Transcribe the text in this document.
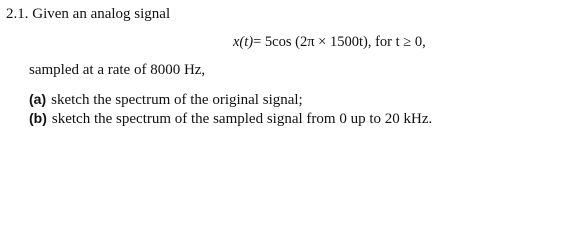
2.1. Given an analog signal
x(t)= 5cos (2π × 1500t), for t ≥ 0,
sampled at a rate of 8000 Hz,
(a) sketch the spectrum of the original signal;
(b) sketch the spectrum of the sampled signal from 0 up to 20 kHz.
